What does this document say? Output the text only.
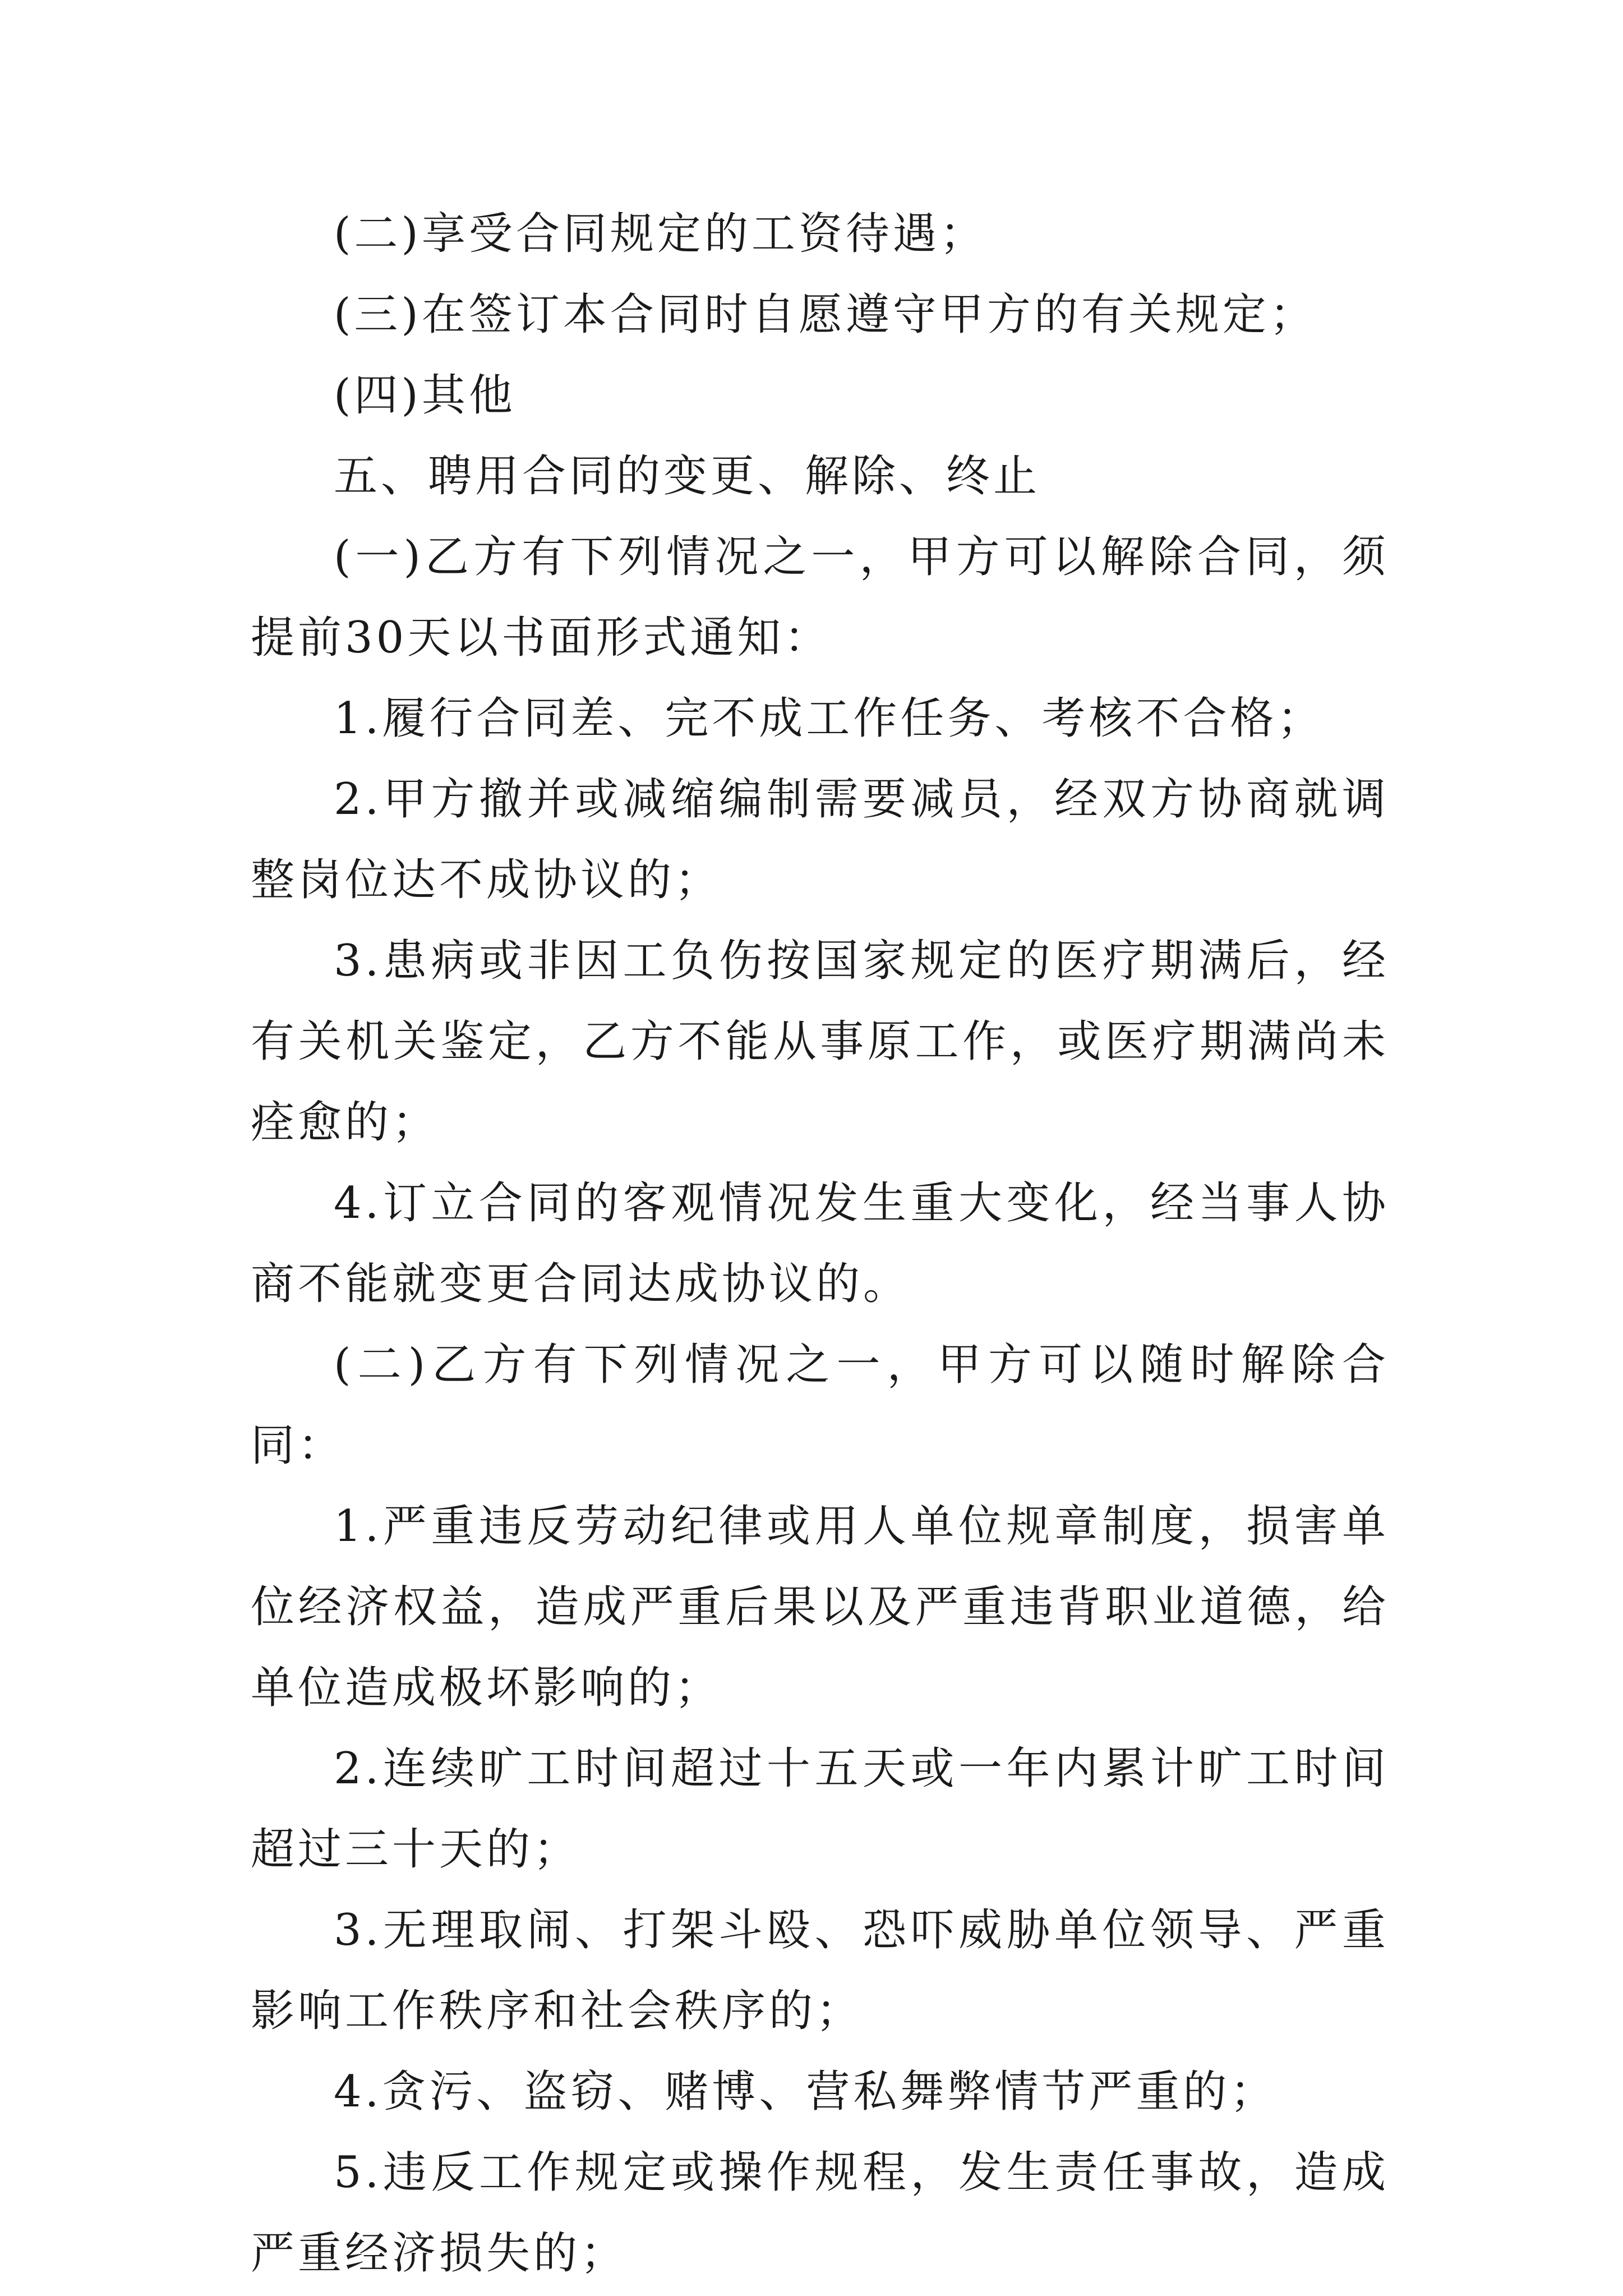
(二)享受合同规定的工资待遇；

(三)在签订本合同时自愿遵守甲方的有关规定；

(四)其他

五、聘用合同的变更、解除、终止

(一)乙方有下列情况之一，甲方可以解除合同，须提前30天以书面形式通知：

1.履行合同差、完不成工作任务、考核不合格；

2.甲方撤并或减缩编制需要减员，经双方协商就调整岗位达不成协议的；

3.患病或非因工负伤按国家规定的医疗期满后，经有关机关鉴定，乙方不能从事原工作，或医疗期满尚未痊愈的；

4.订立合同的客观情况发生重大变化，经当事人协商不能就变更合同达成协议的。

(二)乙方有下列情况之一，甲方可以随时解除合同：

1.严重违反劳动纪律或用人单位规章制度，损害单位经济权益，造成严重后果以及严重违背职业道德，给单位造成极坏影响的；

2.连续旷工时间超过十五天或一年内累计旷工时间超过三十天的；

3.无理取闹、打架斗殴、恐吓威胁单位领导、严重影响工作秩序和社会秩序的；

4.贪污、盗窃、赌博、营私舞弊情节严重的；

5.违反工作规定或操作规程，发生责任事故，造成严重经济损失的；
